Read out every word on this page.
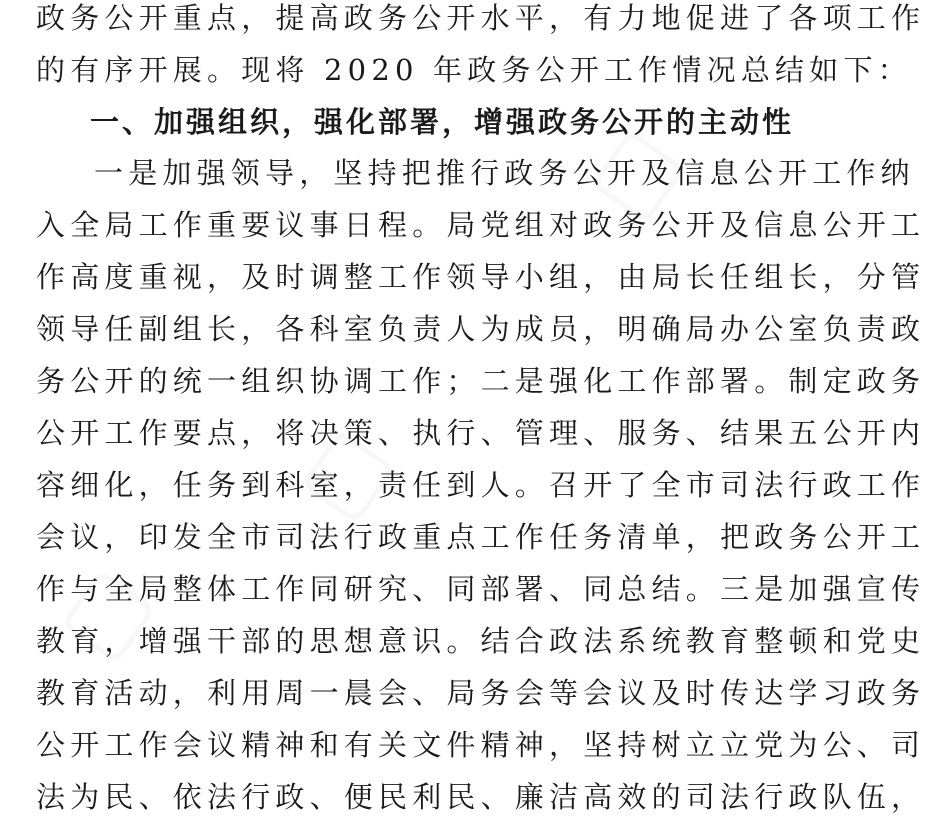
▢
▢
▢
政务公开重点，提高政务公开水平，有力地促进了各项工作
的有序开展。现将 2020 年政务公开工作情况总结如下：
一、加强组织，强化部署，增强政务公开的主动性
一是加强领导，坚持把推行政务公开及信息公开工作纳
入全局工作重要议事日程。局党组对政务公开及信息公开工
作高度重视，及时调整工作领导小组，由局长任组长，分管
领导任副组长，各科室负责人为成员，明确局办公室负责政
务公开的统一组织协调工作；二是强化工作部署。制定政务
公开工作要点，将决策、执行、管理、服务、结果五公开内
容细化，任务到科室，责任到人。召开了全市司法行政工作
会议，印发全市司法行政重点工作任务清单，把政务公开工
作与全局整体工作同研究、同部署、同总结。三是加强宣传
教育，增强干部的思想意识。结合政法系统教育整顿和党史
教育活动，利用周一晨会、局务会等会议及时传达学习政务
公开工作会议精神和有关文件精神，坚持树立立党为公、司
法为民、依法行政、便民利民、廉洁高效的司法行政队伍，
